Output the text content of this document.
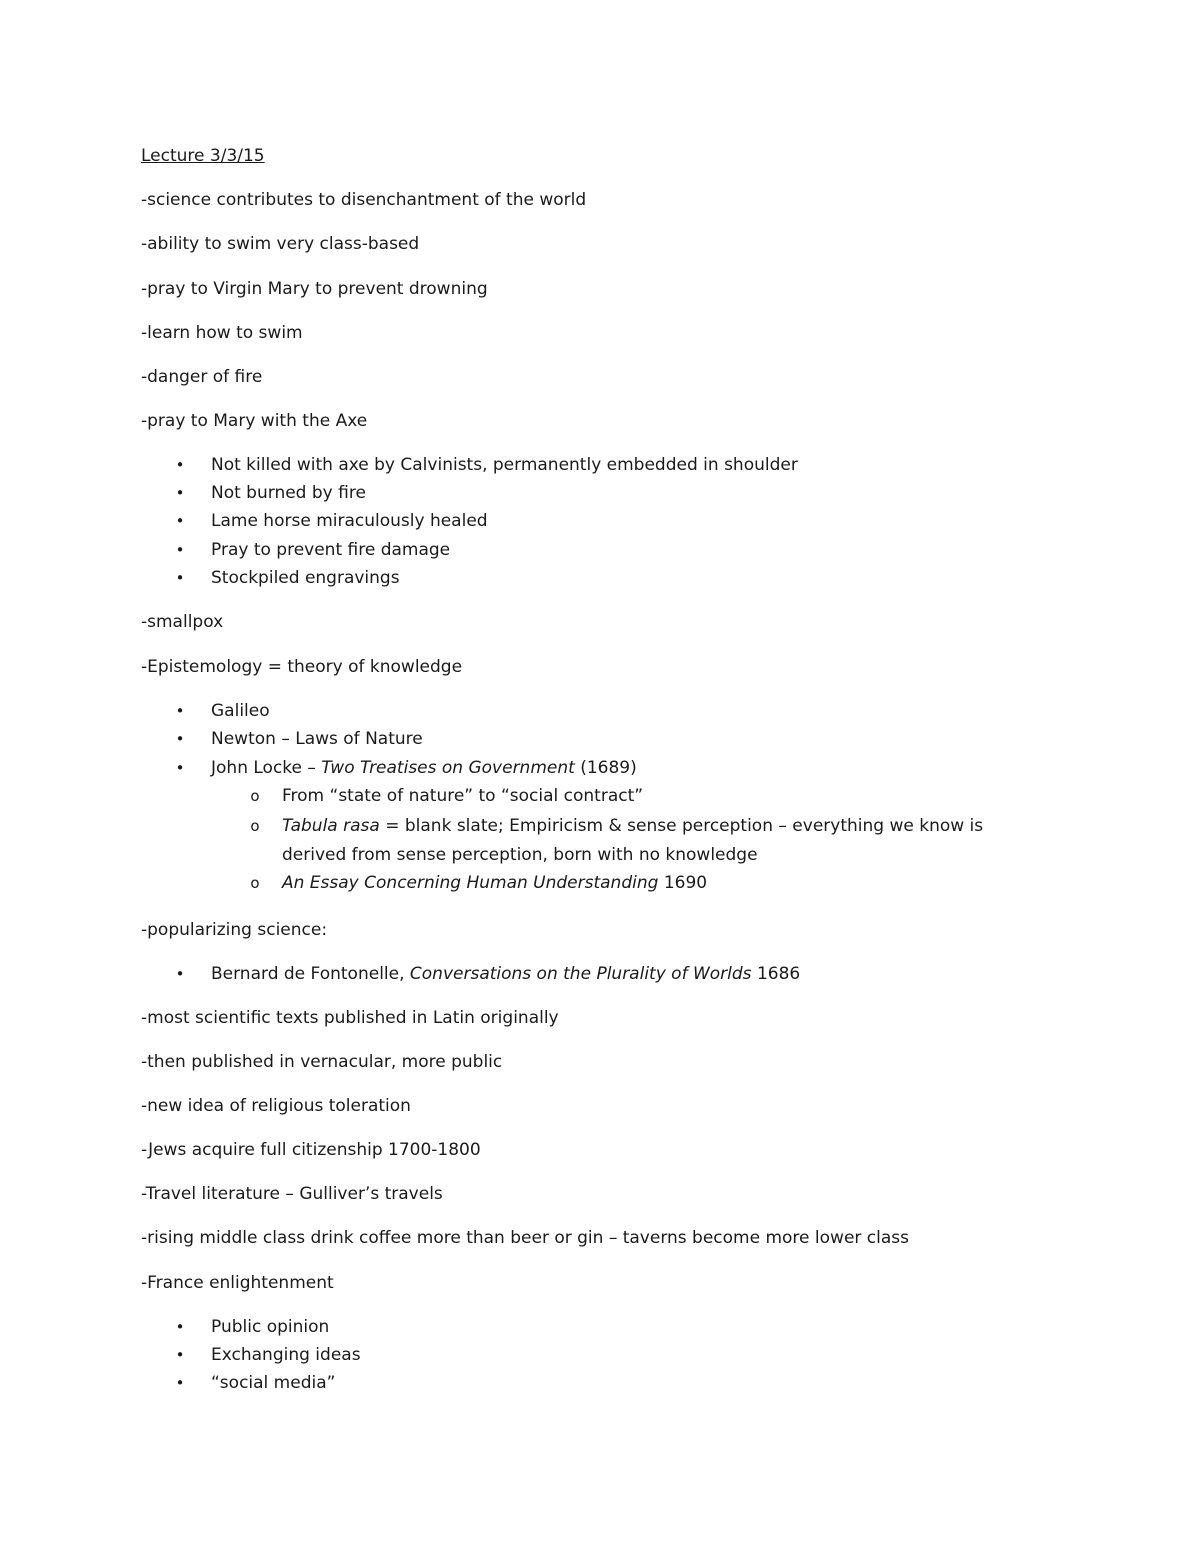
Lecture 3/3/15
-science contributes to disenchantment of the world
-ability to swim very class-based
-pray to Virgin Mary to prevent drowning
-learn how to swim
-danger of fire
-pray to Mary with the Axe
• Not killed with axe by Calvinists, permanently embedded in shoulder
• Not burned by fire
• Lame horse miraculously healed
• Pray to prevent fire damage
• Stockpiled engravings
-smallpox
-Epistemology = theory of knowledge
• Galileo
• Newton – Laws of Nature
• John Locke – Two Treatises on Government (1689)
o From “state of nature” to “social contract”
o Tabula rasa = blank slate; Empiricism & sense perception – everything we know is
derived from sense perception, born with no knowledge
o An Essay Concerning Human Understanding 1690
-popularizing science:
• Bernard de Fontonelle, Conversations on the Plurality of Worlds 1686
-most scientific texts published in Latin originally
-then published in vernacular, more public
-new idea of religious toleration
-Jews acquire full citizenship 1700-1800
-Travel literature – Gulliver’s travels
-rising middle class drink coffee more than beer or gin – taverns become more lower class
-France enlightenment
• Public opinion
• Exchanging ideas
• “social media”
